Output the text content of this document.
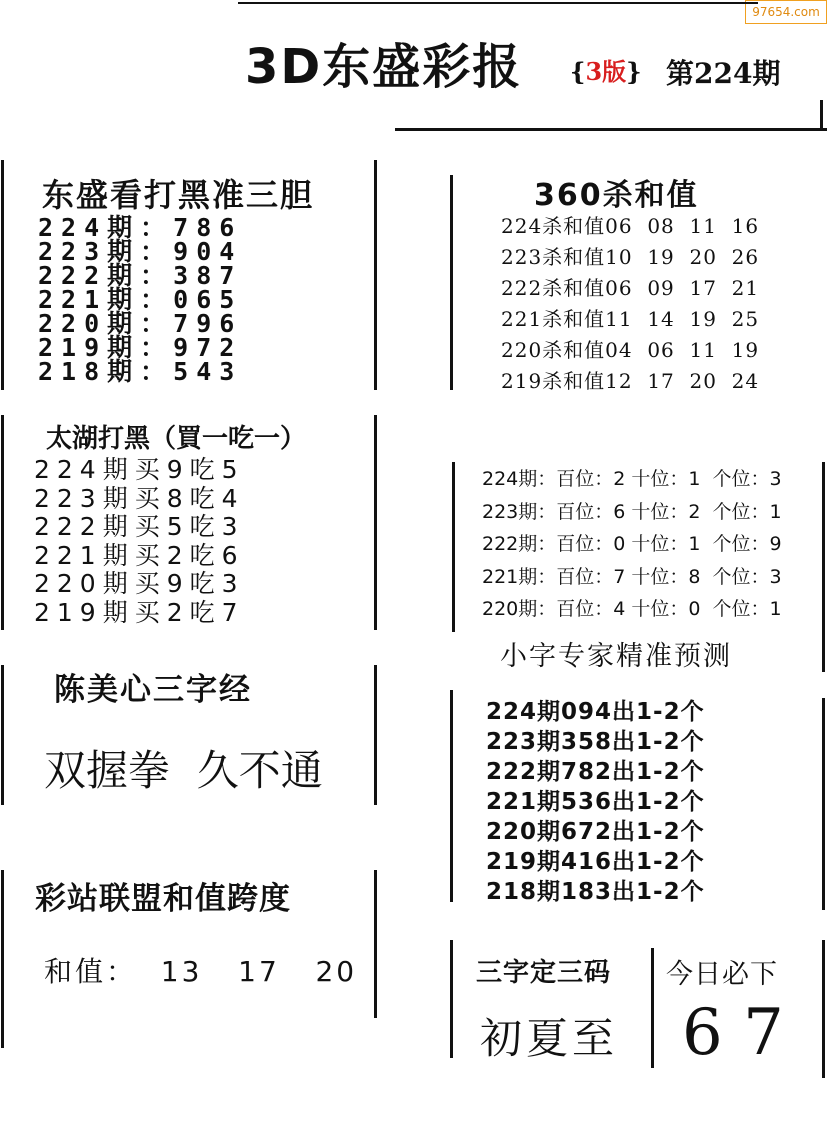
97654.com
3D东盛彩报 {3版} 第224期
东盛看打黑准三胆
224期：786
223期：904
222期：387
221期：065
220期：796
219期：972
218期：543
360杀和值
224杀和值06  08  11  16
223杀和值10  19  20  26
222杀和值06  09  17  21
221杀和值11  14  19  25
220杀和值04  06  11  19
219杀和值12  17  20  24
太湖打黑（買一吃一）
224期买9吃5
223期买8吃4
222期买5吃3
221期买2吃6
220期买9吃3
219期买2吃7
224期：百位：2 十位：1  个位：3
223期：百位：6 十位：2  个位：1
222期：百位：0 十位：1  个位：9
221期：百位：7 十位：8  个位：3
220期：百位：4 十位：0  个位：1
小字专家精准预测
224期094出1-2个
223期358出1-2个
222期782出1-2个
221期536出1-2个
220期672出1-2个
219期416出1-2个
218期183出1-2个
陈美心三字经
双握拳  久不通
彩站联盟和值跨度
和值：  13   17   20	三字定三码
初夏至
今日必下
6 7
